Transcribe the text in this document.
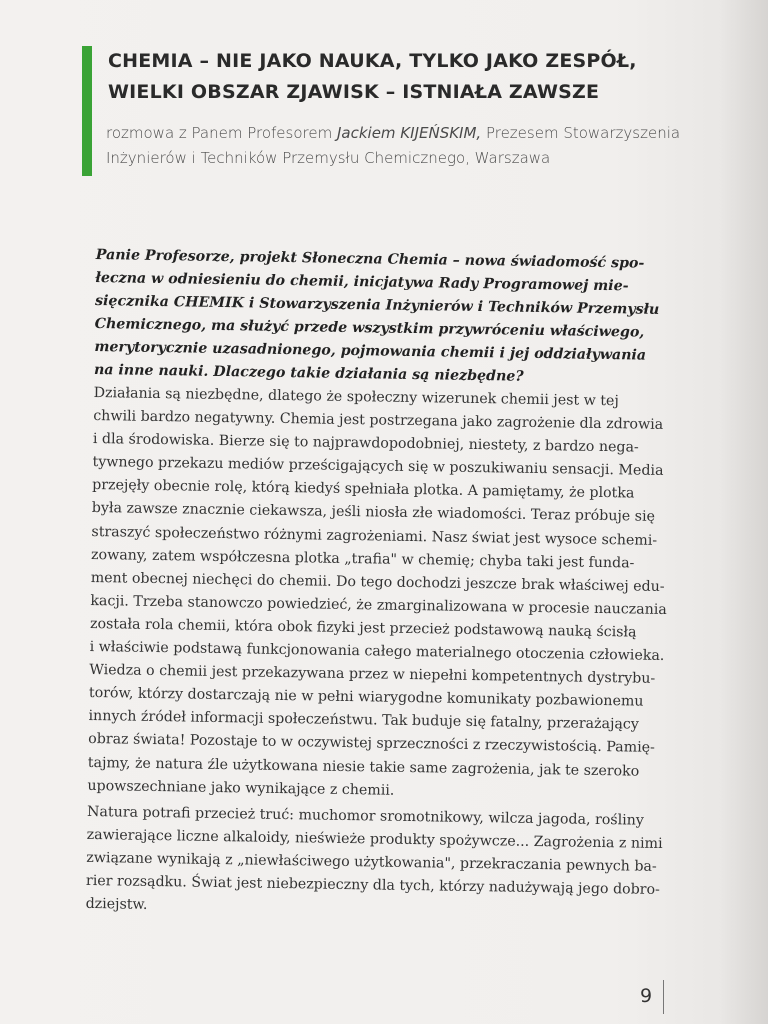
CHEMIA – NIE JAKO NAUKA, TYLKO JAKO ZESPÓŁ,
WIELKI OBSZAR ZJAWISK – ISTNIAŁA ZAWSZE
rozmowa z Panem Profesorem Jackiem KIJEŃSKIM, Prezesem Stowarzyszenia
Inżynierów i Techników Przemysłu Chemicznego, Warszawa

Panie Profesorze, projekt Słoneczna Chemia – nowa świadomość spo-
łeczna w odniesieniu do chemii, inicjatywa Rady Programowej mie-
sięcznika CHEMIK i Stowarzyszenia Inżynierów i Techników Przemysłu
Chemicznego, ma służyć przede wszystkim przywróceniu właściwego,
merytorycznie uzasadnionego, pojmowania chemii i jej oddziaływania
na inne nauki. Dlaczego takie działania są niezbędne?

Działania są niezbędne, dlatego że społeczny wizerunek chemii jest w tej
chwili bardzo negatywny. Chemia jest postrzegana jako zagrożenie dla zdrowia
i dla środowiska. Bierze się to najprawdopodobniej, niestety, z bardzo nega-
tywnego przekazu mediów prześcigających się w poszukiwaniu sensacji. Media
przejęły obecnie rolę, którą kiedyś spełniała plotka. A pamiętamy, że plotka
była zawsze znacznie ciekawsza, jeśli niosła złe wiadomości. Teraz próbuje się
straszyć społeczeństwo różnymi zagrożeniami. Nasz świat jest wysoce schemi-
zowany, zatem współczesna plotka „trafia" w chemię; chyba taki jest funda-
ment obecnej niechęci do chemii. Do tego dochodzi jeszcze brak właściwej edu-
kacji. Trzeba stanowczo powiedzieć, że zmarginalizowana w procesie nauczania
została rola chemii, która obok fizyki jest przecież podstawową nauką ścisłą
i właściwie podstawą funkcjonowania całego materialnego otoczenia człowieka.
Wiedza o chemii jest przekazywana przez w niepełni kompetentnych dystrybu-
torów, którzy dostarczają nie w pełni wiarygodne komunikaty pozbawionemu
innych źródeł informacji społeczeństwu. Tak buduje się fatalny, przerażający
obraz świata! Pozostaje to w oczywistej sprzeczności z rzeczywistością. Pamię-
tajmy, że natura źle użytkowana niesie takie same zagrożenia, jak te szeroko
upowszechniane jako wynikające z chemii.

Natura potrafi przecież truć: muchomor sromotnikowy, wilcza jagoda, rośliny
zawierające liczne alkaloidy, nieświeże produkty spożywcze... Zagrożenia z nimi
związane wynikają z „niewłaściwego użytkowania", przekraczania pewnych ba-
rier rozsądku. Świat jest niebezpieczny dla tych, którzy nadużywają jego dobro-
dziejstw.

9
